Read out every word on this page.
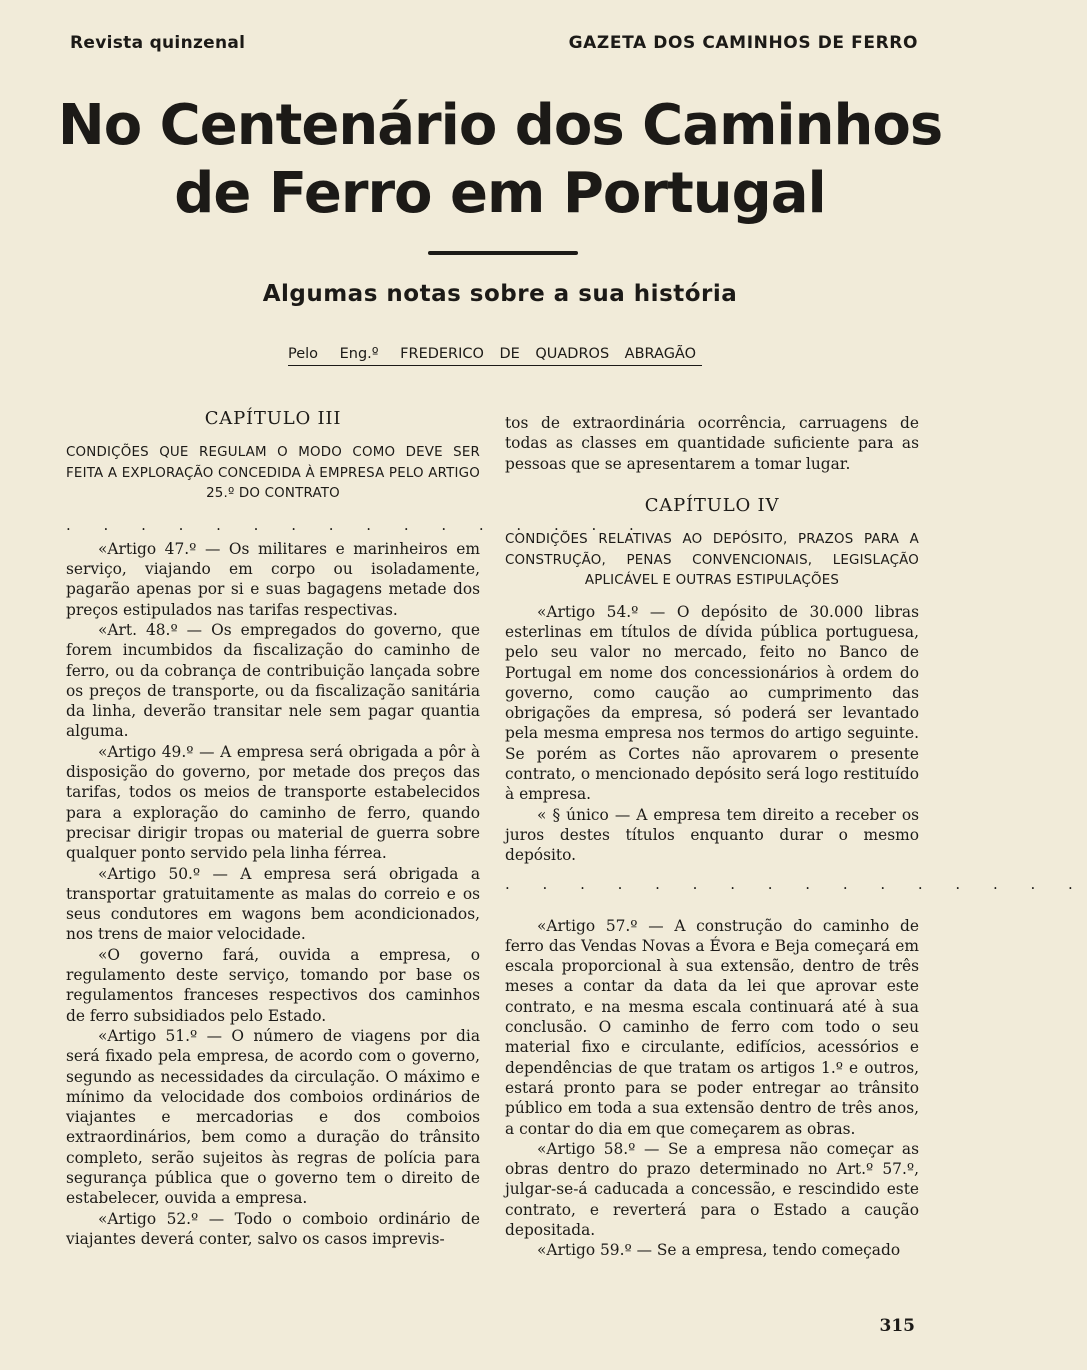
Revista quinzenal	GAZETA DOS CAMINHOS DE FERRO
No Centenário dos Caminhos
de Ferro em Portugal
Algumas notas sobre a sua história
Pelo Eng.º FREDERICO DE QUADROS ABRAGÃO
CAPÍTULO III
CONDIÇÕES QUE REGULAM O MODO COMO DEVE SER FEITA A EXPLORAÇÃO CONCEDIDA À EMPRESA PELO ARTIGO 25.º DO CONTRATO
. . . . . . . . . . . . . . . .

«Artigo 47.º — Os militares e marinheiros em serviço, viajando em corpo ou isoladamente, pagarão apenas por si e suas bagagens metade dos preços estipulados nas tarifas respectivas.

«Art. 48.º — Os empregados do governo, que forem incumbidos da fiscalização do caminho de ferro, ou da cobrança de contribuição lançada sobre os preços de transporte, ou da fiscalização sanitária da linha, deverão transitar nele sem pagar quantia alguma.

«Artigo 49.º — A empresa será obrigada a pôr à disposição do governo, por metade dos preços das tarifas, todos os meios de transporte estabelecidos para a exploração do caminho de ferro, quando precisar dirigir tropas ou material de guerra sobre qualquer ponto servido pela linha férrea.

«Artigo 50.º — A empresa será obrigada a transportar gratuitamente as malas do correio e os seus condutores em wagons bem acondicionados, nos trens de maior velocidade.

«O governo fará, ouvida a empresa, o regulamento deste serviço, tomando por base os regulamentos franceses respectivos dos caminhos de ferro subsidiados pelo Estado.

«Artigo 51.º — O número de viagens por dia será fixado pela empresa, de acordo com o governo, segundo as necessidades da circulação. O máximo e mínimo da velocidade dos comboios ordinários de viajantes e mercadorias e dos comboios extraordinários, bem como a duração do trânsito completo, serão sujeitos às regras de polícia para segurança pública que o governo tem o direito de estabelecer, ouvida a empresa.

«Artigo 52.º — Todo o comboio ordinário de viajantes deverá conter, salvo os casos imprevis-

tos de extraordinária ocorrência, carruagens de todas as classes em quantidade suficiente para as pessoas que se apresentarem a tomar lugar.
CAPÍTULO IV
CONDIÇÕES RELATIVAS AO DEPÓSITO, PRAZOS PARA A CONSTRUÇÃO, PENAS CONVENCIONAIS, LEGISLAÇÃO APLICÁVEL E OUTRAS ESTIPULAÇÕES

«Artigo 54.º — O depósito de 30.000 libras esterlinas em títulos de dívida pública portuguesa, pelo seu valor no mercado, feito no Banco de Portugal em nome dos concessionários à ordem do governo, como caução ao cumprimento das obrigações da empresa, só poderá ser levantado pela mesma empresa nos termos do artigo seguinte. Se porém as Cortes não aprovarem o presente contrato, o mencionado depósito será logo restituído à empresa.

« § único — A empresa tem direito a receber os juros destes títulos enquanto durar o mesmo depósito.

. . . . . . . . . . . . . . . .

«Artigo 57.º — A construção do caminho de ferro das Vendas Novas a Évora e Beja começará em escala proporcional à sua extensão, dentro de três meses a contar da data da lei que aprovar este contrato, e na mesma escala continuará até à sua conclusão. O caminho de ferro com todo o seu material fixo e circulante, edifícios, acessórios e dependências de que tratam os artigos 1.º e outros, estará pronto para se poder entregar ao trânsito público em toda a sua extensão dentro de três anos, a contar do dia em que começarem as obras.

«Artigo 58.º — Se a empresa não começar as obras dentro do prazo determinado no Art.º 57.º, julgar-se-á caducada a concessão, e rescindido este contrato, e reverterá para o Estado a caução depositada.

«Artigo 59.º — Se a empresa, tendo começado

315
